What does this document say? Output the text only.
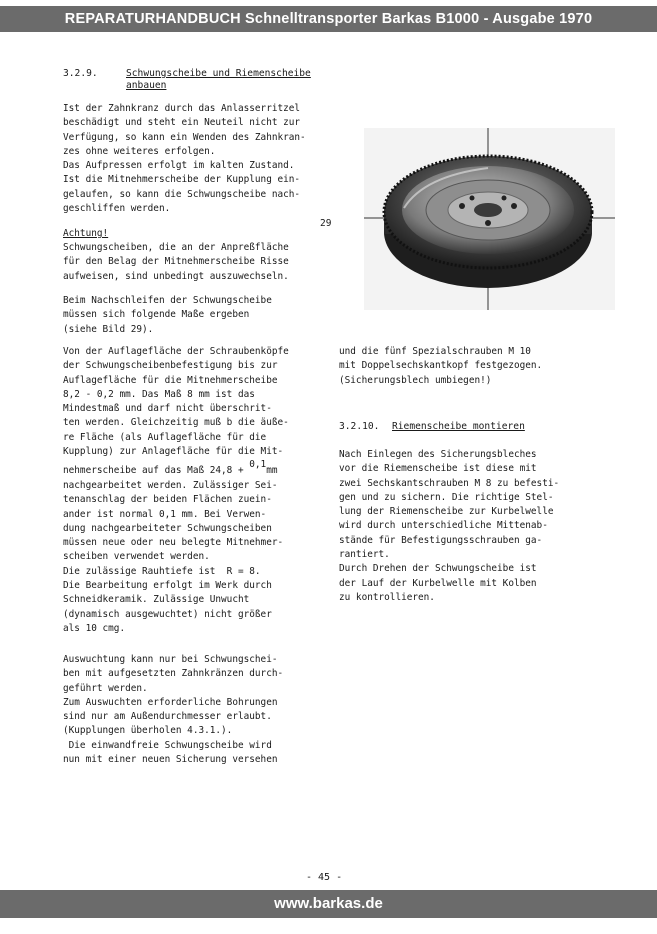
REPARATURHANDBUCH Schnelltransporter Barkas B1000 - Ausgabe 1970
3.2.9.	Schwungscheibe und Riemenscheibe
anbauen
Ist der Zahnkranz durch das Anlasserritzel
beschädigt und steht ein Neuteil nicht zur
Verfügung, so kann ein Wenden des Zahnkran-
zes ohne weiteres erfolgen.
Das Aufpressen erfolgt im kalten Zustand.
Ist die Mitnehmerscheibe der Kupplung ein-
gelaufen, so kann die Schwungscheibe nach-
geschliffen werden.
Achtung!
Schwungscheiben, die an der Anpreßfläche
für den Belag der Mitnehmerscheibe Risse
aufweisen, sind unbedingt auszuwechseln.
Beim Nachschleifen der Schwungscheibe
müssen sich folgende Maße ergeben
(siehe Bild 29).
Von der Auflagefläche der Schraubenköpfe
der Schwungscheibenbefestigung bis zur
Auflagefläche für die Mitnehmerscheibe
8,2 - 0,2 mm. Das Maß 8 mm ist das
Mindestmaß und darf nicht überschrit-
ten werden. Gleichzeitig muß b die äuße-
re Fläche (als Auflagefläche für die
Kupplung) zur Anlagefläche für die Mit-
nehmerscheibe auf das Maß 24,8 + 0,1mm
nachgearbeitet werden. Zulässiger Sei-
tenanschlag der beiden Flächen zuein-
ander ist normal 0,1 mm. Bei Verwen-
dung nachgearbeiteter Schwungscheiben
müssen neue oder neu belegte Mitnehmer-
scheiben verwendet werden.
Die zulässige Rauhtiefe ist  R = 8.
Die Bearbeitung erfolgt im Werk durch
Schneidkeramik. Zulässige Unwucht
(dynamisch ausgewuchtet) nicht größer
als 10 cmg.
Auswuchtung kann nur bei Schwungschei-
ben mit aufgesetzten Zahnkränzen durch-
geführt werden.
Zum Auswuchten erforderliche Bohrungen
sind nur am Außendurchmesser erlaubt.
(Kupplungen überholen 4.3.1.).
Die einwandfreie Schwungscheibe wird
nun mit einer neuen Sicherung versehen
29
und die fünf Spezialschrauben M 10
mit Doppelsechskantkopf festgezogen.
(Sicherungsblech umbiegen!)
3.2.10. Riemenscheibe montieren
Nach Einlegen des Sicherungsbleches
vor die Riemenscheibe ist diese mit
zwei Sechskantschrauben M 8 zu befesti-
gen und zu sichern. Die richtige Stel-
lung der Riemenscheibe zur Kurbelwelle
wird durch unterschiedliche Mittenab-
stände für Befestigungsschrauben ga-
rantiert.
Durch Drehen der Schwungscheibe ist
der Lauf der Kurbelwelle mit Kolben
zu kontrollieren.
- 45 -
www.barkas.de
